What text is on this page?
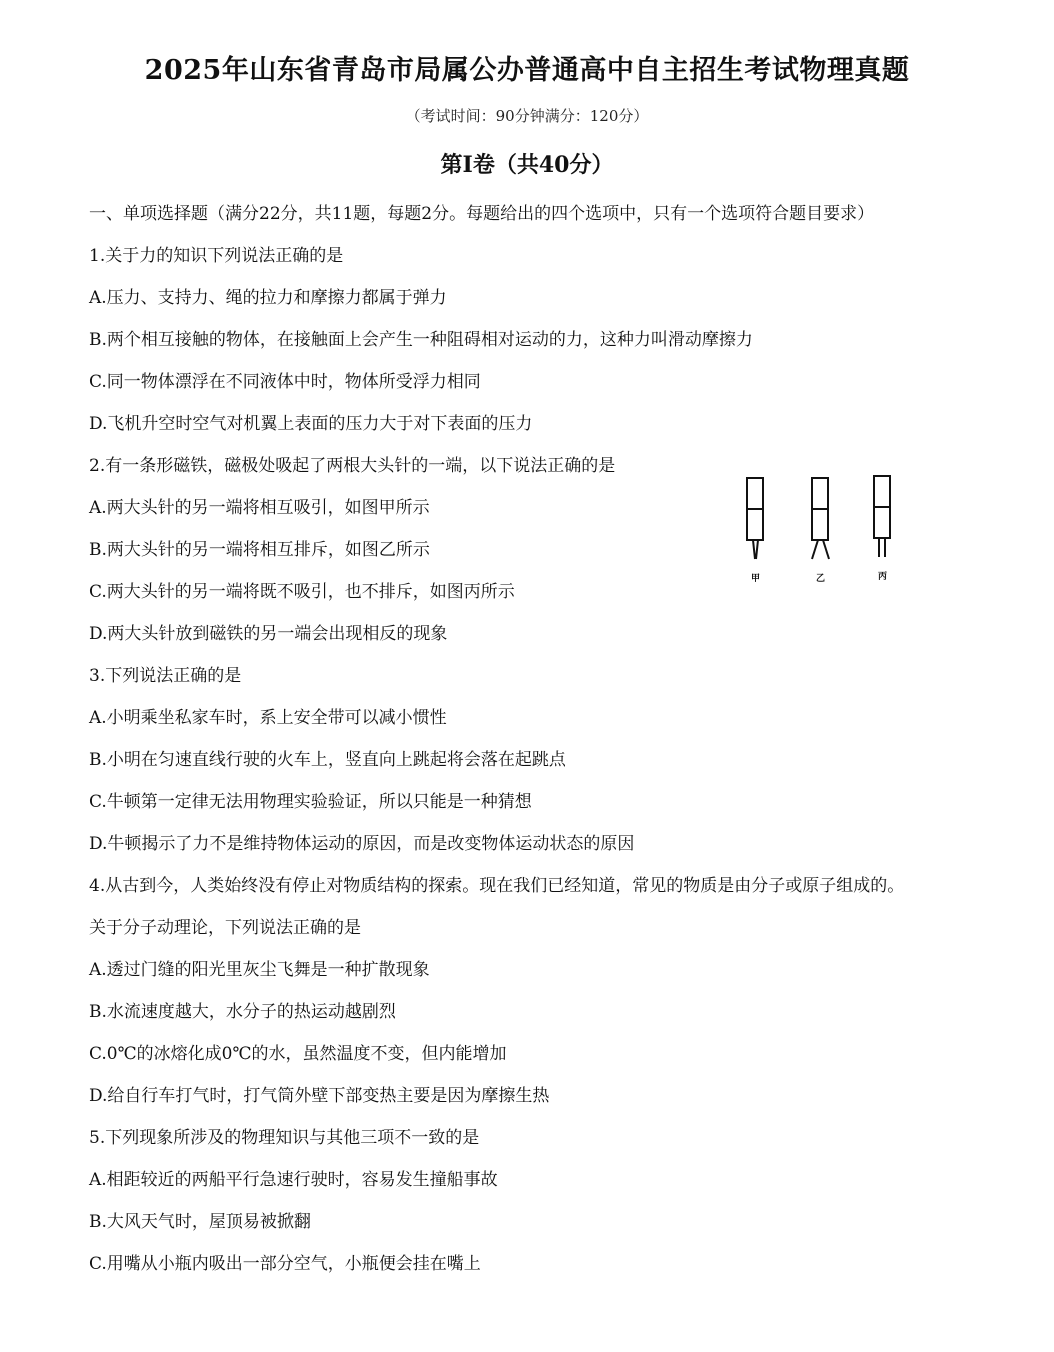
2025年山东省青岛市局属公办普通高中自主招生考试物理真题
（考试时间：90分钟满分：120分）
第I卷（共40分）
一、单项选择题（满分22分，共11题，每题2分。每题给出的四个选项中，只有一个选项符合题目要求）
1.关于力的知识下列说法正确的是
A.压力、支持力、绳的拉力和摩擦力都属于弹力
B.两个相互接触的物体，在接触面上会产生一种阻碍相对运动的力，这种力叫滑动摩擦力
C.同一物体漂浮在不同液体中时，物体所受浮力相同
D.飞机升空时空气对机翼上表面的压力大于对下表面的压力
2.有一条形磁铁，磁极处吸起了两根大头针的一端，以下说法正确的是
A.两大头针的另一端将相互吸引，如图甲所示
B.两大头针的另一端将相互排斥，如图乙所示
C.两大头针的另一端将既不吸引，也不排斥，如图丙所示
D.两大头针放到磁铁的另一端会出现相反的现象
3.下列说法正确的是
A.小明乘坐私家车时，系上安全带可以减小惯性
B.小明在匀速直线行驶的火车上，竖直向上跳起将会落在起跳点
C.牛顿第一定律无法用物理实验验证，所以只能是一种猜想
D.牛顿揭示了力不是维持物体运动的原因，而是改变物体运动状态的原因
4.从古到今，人类始终没有停止对物质结构的探索。现在我们已经知道，常见的物质是由分子或原子组成的。
关于分子动理论，下列说法正确的是
A.透过门缝的阳光里灰尘飞舞是一种扩散现象
B.水流速度越大，水分子的热运动越剧烈
C.0℃的冰熔化成0℃的水，虽然温度不变，但内能增加
D.给自行车打气时，打气筒外壁下部变热主要是因为摩擦生热
5.下列现象所涉及的物理知识与其他三项不一致的是
A.相距较近的两船平行急速行驶时，容易发生撞船事故
B.大风天气时，屋顶易被掀翻
C.用嘴从小瓶内吸出一部分空气，小瓶便会挂在嘴上
甲	乙	丙
